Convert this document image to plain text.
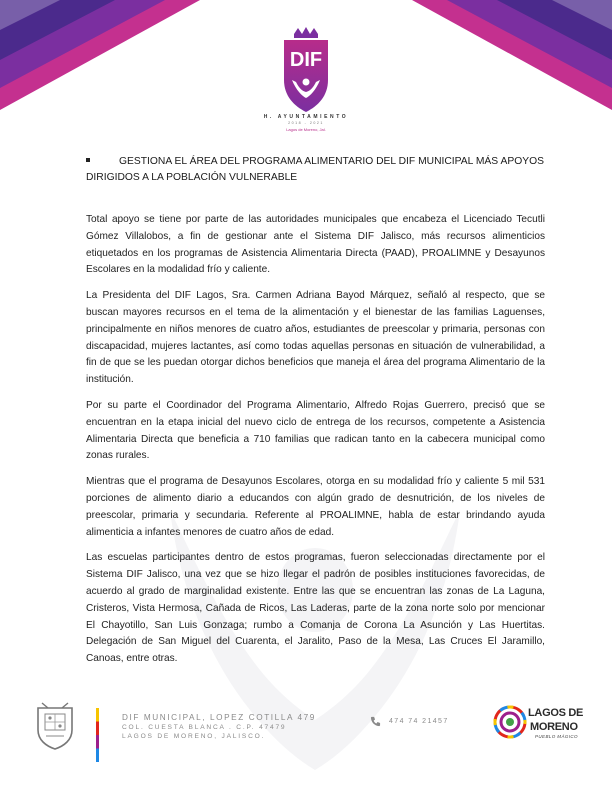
DIF
H. AYUNTAMIENTO
2018 - 2021
Lagos de Moreno, Jal.
GESTIONA EL ÁREA DEL PROGRAMA ALIMENTARIO DEL DIF MUNICIPAL MÁS APOYOS DIRIGIDOS A LA POBLACIÓN VULNERABLE

Total apoyo se tiene por parte de las autoridades municipales que encabeza el Licenciado Tecutli Gómez Villalobos, a fin de gestionar ante el Sistema DIF Jalisco, más recursos alimenticios etiquetados en los programas de Asistencia Alimentaria Directa (PAAD), PROALIMNE y Desayunos Escolares en la modalidad frío y caliente.

La Presidenta del DIF Lagos, Sra. Carmen Adriana Bayod Márquez, señaló al respecto, que se buscan mayores recursos en el tema de la alimentación y el bienestar de las familias Laguenses, principalmente en niños menores de cuatro años, estudiantes de preescolar y primaria, personas con discapacidad, mujeres lactantes, así como todas aquellas personas en situación de vulnerabilidad, a fin de que se les puedan otorgar dichos beneficios que maneja el área del programa Alimentario de la institución.

Por su parte el Coordinador del Programa Alimentario, Alfredo Rojas Guerrero, precisó que se encuentran en la etapa inicial del nuevo ciclo de entrega de los recursos, competente a Asistencia Alimentaria Directa que beneficia a 710 familias que radican tanto en la cabecera municipal como zonas rurales.

Mientras que el programa de Desayunos Escolares, otorga en su modalidad frío y caliente 5 mil 531 porciones de alimento diario a educandos con algún grado de desnutrición, de los niveles de preescolar, primaria y secundaria. Referente al PROALIMNE, habla de estar brindando ayuda alimenticia a infantes menores de cuatro años de edad.

Las escuelas participantes dentro de estos programas, fueron seleccionadas directamente por el Sistema DIF Jalisco, una vez que se hizo llegar el padrón de posibles instituciones favorecidas, de acuerdo al grado de marginalidad existente. Entre las que se encuentran las zonas de La Laguna, Cristeros, Vista Hermosa, Cañada de Ricos, Las Laderas, parte de la zona norte solo por mencionar El Chayotillo, San Luis Gonzaga; rumbo a Comanja de Corona La Asunción y Las Huertitas. Delegación de San Miguel del Cuarenta, el Jaralito, Paso de la Mesa, Las Cruces El Jaramillo, Canoas, entre otras.

DIF MUNICIPAL, LOPEZ COTILLA 479
COL. CUESTA BLANCA . C.P. 47479
LAGOS DE MORENO, JALISCO.
474 74 21457
LAGOS DE
MORENO
PUEBLO MÁGICO
